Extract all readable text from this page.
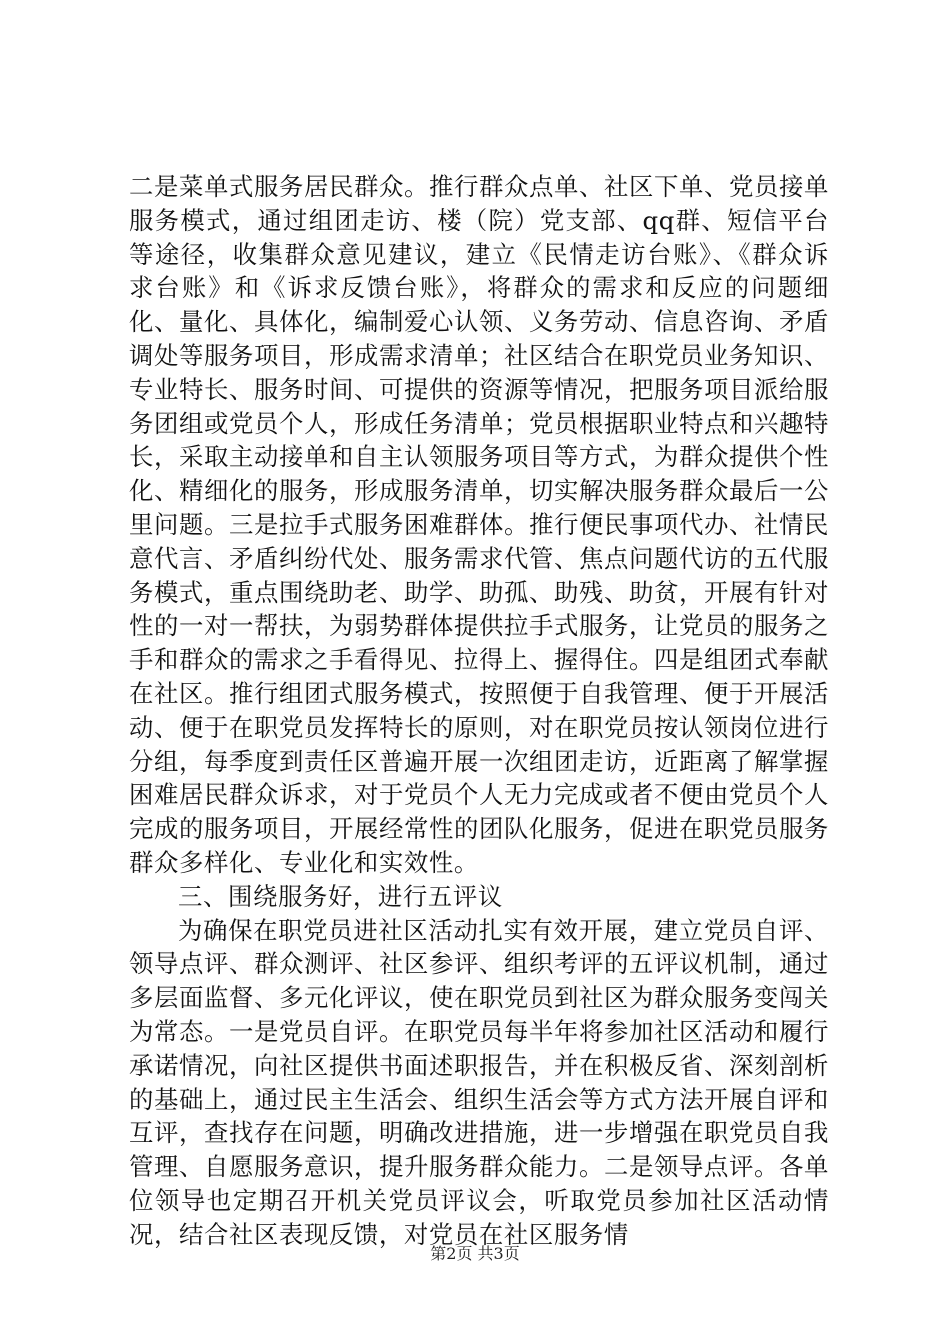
二是菜单式服务居民群众。推行群众点单、社区下单、党员接单服务模式，通过组团走访、楼（院）党支部、qq群、短信平台等途径，收集群众意见建议，建立《民情走访台账》、《群众诉求台账》和《诉求反馈台账》，将群众的需求和反应的问题细化、量化、具体化，编制爱心认领、义务劳动、信息咨询、矛盾调处等服务项目，形成需求清单；社区结合在职党员业务知识、专业特长、服务时间、可提供的资源等情况，把服务项目派给服务团组或党员个人，形成任务清单；党员根据职业特点和兴趣特长，采取主动接单和自主认领服务项目等方式，为群众提供个性化、精细化的服务，形成服务清单，切实解决服务群众最后一公里问题。三是拉手式服务困难群体。推行便民事项代办、社情民意代言、矛盾纠纷代处、服务需求代管、焦点问题代访的五代服务模式，重点围绕助老、助学、助孤、助残、助贫，开展有针对性的一对一帮扶，为弱势群体提供拉手式服务，让党员的服务之手和群众的需求之手看得见、拉得上、握得住。四是组团式奉献在社区。推行组团式服务模式，按照便于自我管理、便于开展活动、便于在职党员发挥特长的原则，对在职党员按认领岗位进行分组，每季度到责任区普遍开展一次组团走访，近距离了解掌握困难居民群众诉求，对于党员个人无力完成或者不便由党员个人完成的服务项目，开展经常性的团队化服务，促进在职党员服务群众多样化、专业化和实效性。

三、围绕服务好，进行五评议

为确保在职党员进社区活动扎实有效开展，建立党员自评、领导点评、群众测评、社区参评、组织考评的五评议机制，通过多层面监督、多元化评议，使在职党员到社区为群众服务变闯关为常态。一是党员自评。在职党员每半年将参加社区活动和履行承诺情况，向社区提供书面述职报告，并在积极反省、深刻剖析的基础上，通过民主生活会、组织生活会等方式方法开展自评和互评，查找存在问题，明确改进措施，进一步增强在职党员自我管理、自愿服务意识，提升服务群众能力。二是领导点评。各单位领导也定期召开机关党员评议会，听取党员参加社区活动情况，结合社区表现反馈，对党员在社区服务情

第2页 共3页
